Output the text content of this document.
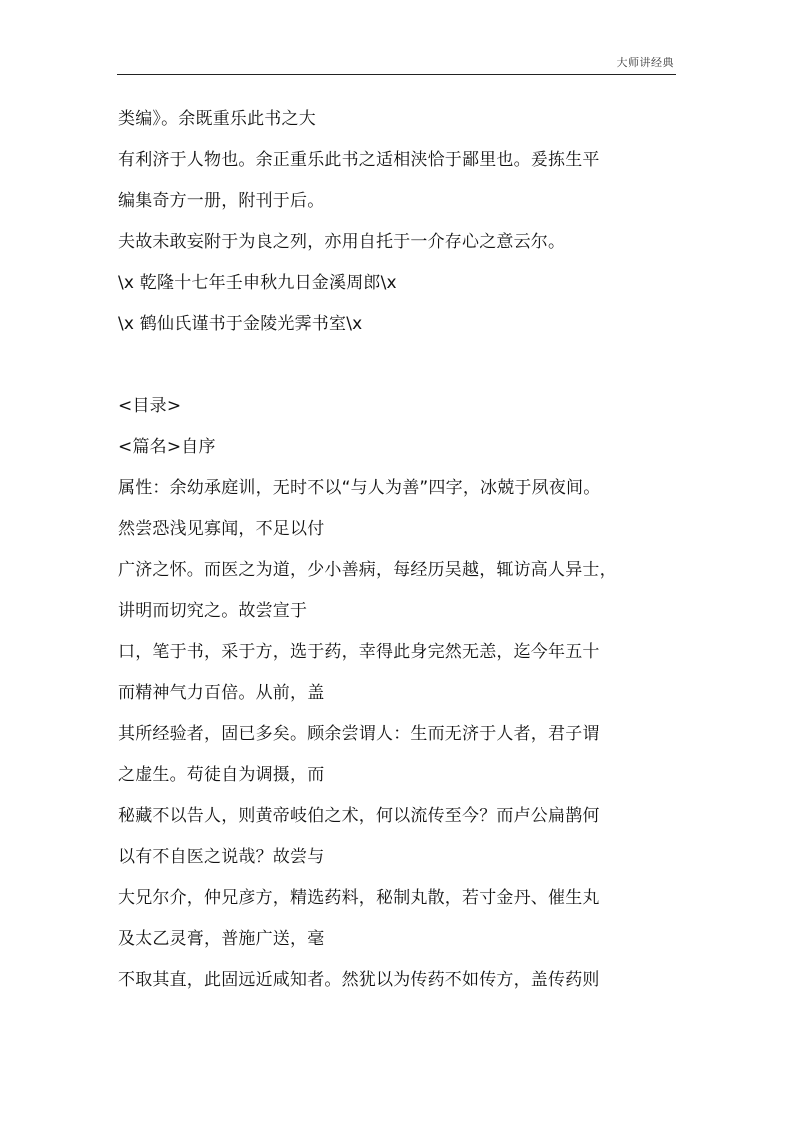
大师讲经典
类编》。余既重乐此书之大
有利济于人物也。余正重乐此书之适相浃恰于鄙里也。爰拣生平
编集奇方一册，附刊于后。
夫故未敢妄附于为良之列，亦用自托于一介存心之意云尔。
\x 乾隆十七年壬申秋九日金溪周郎\x
\x 鹤仙氏谨书于金陵光霁书室\x
<目录>
<篇名>自序
属性：余幼承庭训，无时不以“与人为善”四字，冰兢于夙夜间。
然尝恐浅见寡闻，不足以付
广济之怀。而医之为道，少小善病，每经历吴越，辄访高人异士，
讲明而切究之。故尝宣于
口，笔于书，采于方，选于药，幸得此身完然无恙，迄今年五十
而精神气力百倍。从前，盖
其所经验者，固已多矣。顾余尝谓人：生而无济于人者，君子谓
之虚生。苟徒自为调摄，而
秘藏不以告人，则黄帝岐伯之术，何以流传至今？而卢公扁鹊何
以有不自医之说哉？故尝与
大兄尔介，仲兄彦方，精选药料，秘制丸散，若寸金丹、催生丸
及太乙灵膏，普施广送，毫
不取其直，此固远近咸知者。然犹以为传药不如传方，盖传药则
